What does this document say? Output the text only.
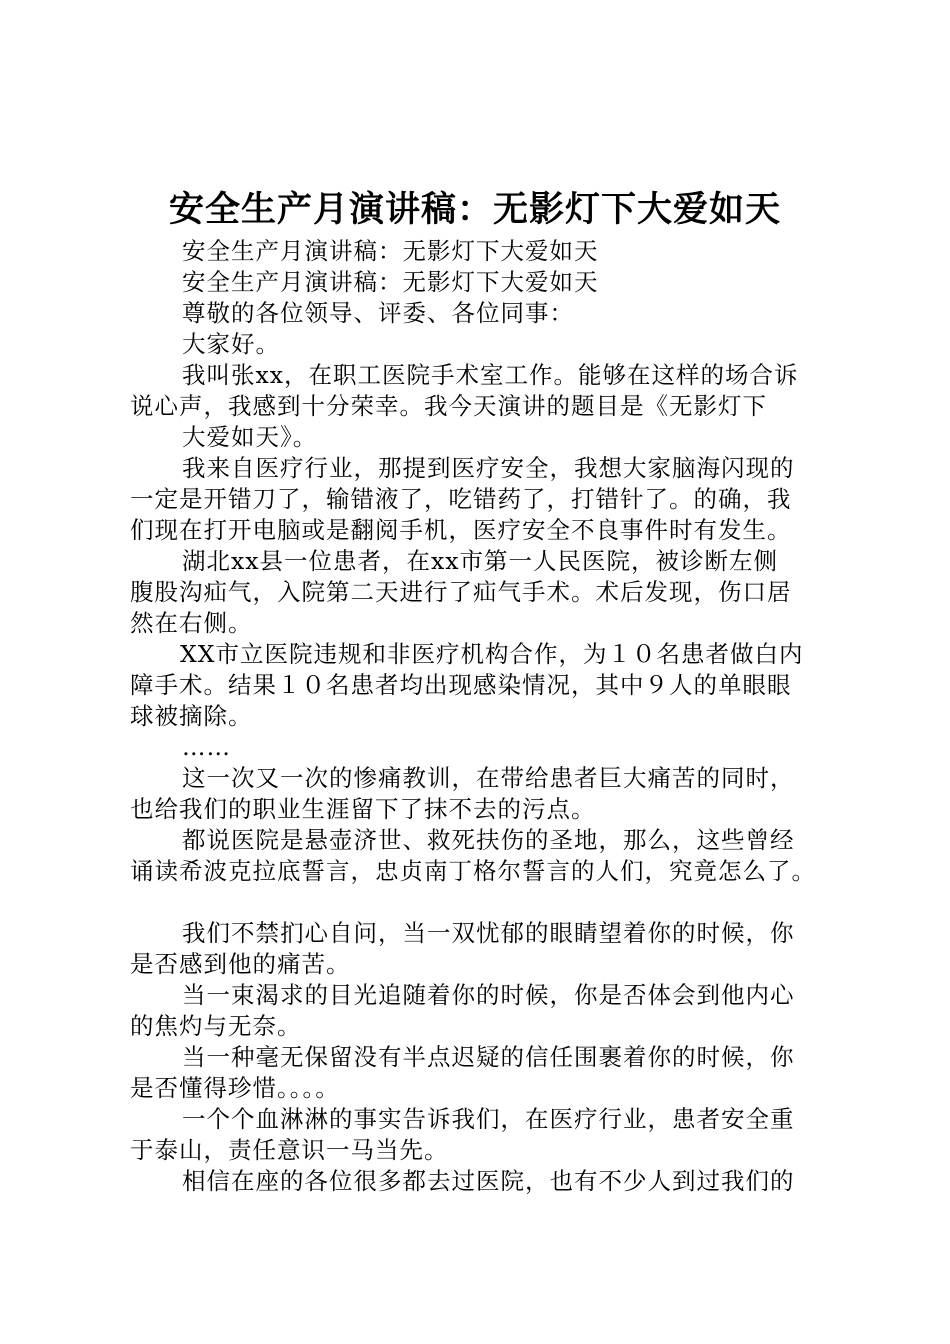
安全生产月演讲稿：无影灯下大爱如天
安全生产月演讲稿：无影灯下大爱如天
安全生产月演讲稿：无影灯下大爱如天
尊敬的各位领导、评委、各位同事：
大家好。
我叫张xx，在职工医院手术室工作。能够在这样的场合诉
说心声，我感到十分荣幸。我今天演讲的题目是《无影灯下
大爱如天》。
我来自医疗行业，那提到医疗安全，我想大家脑海闪现的
一定是开错刀了，输错液了，吃错药了，打错针了。的确，我
们现在打开电脑或是翻阅手机，医疗安全不良事件时有发生。
湖北xx县一位患者，在xx市第一人民医院，被诊断左侧
腹股沟疝气，入院第二天进行了疝气手术。术后发现，伤口居
然在右侧。
XX市立医院违规和非医疗机构合作，为１０名患者做白内
障手术。结果１０名患者均出现感染情况，其中９人的单眼眼
球被摘除。
……
这一次又一次的惨痛教训，在带给患者巨大痛苦的同时，
也给我们的职业生涯留下了抹不去的污点。
都说医院是悬壶济世、救死扶伤的圣地，那么，这些曾经
诵读希波克拉底誓言，忠贞南丁格尔誓言的人们，究竟怎么了。
我们不禁扪心自问，当一双忧郁的眼睛望着你的时候，你
是否感到他的痛苦。
当一束渴求的目光追随着你的时候，你是否体会到他内心
的焦灼与无奈。
当一种毫无保留没有半点迟疑的信任围裹着你的时候，你
是否懂得珍惜。。。。
一个个血淋淋的事实告诉我们，在医疗行业，患者安全重
于泰山，责任意识一马当先。
相信在座的各位很多都去过医院，也有不少人到过我们的
